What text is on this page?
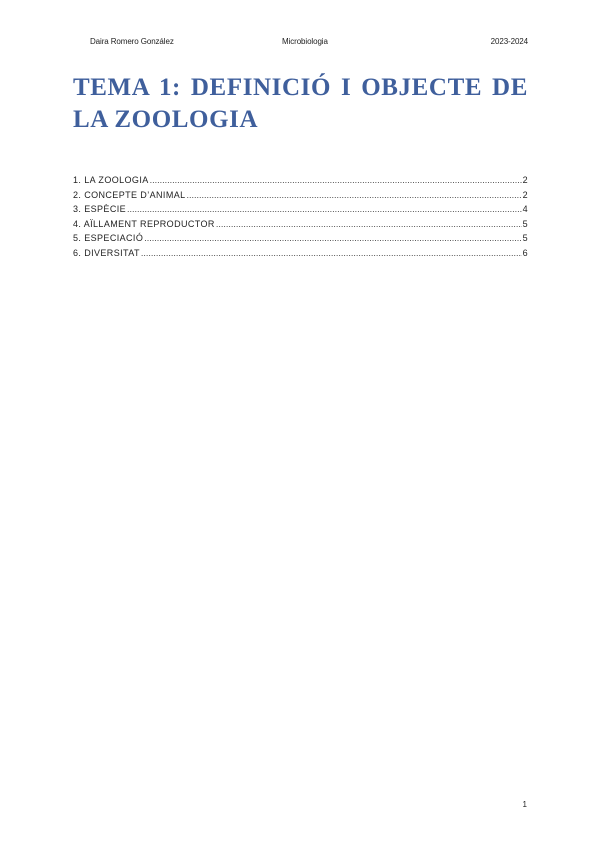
Daira Romero González	Microbiologia	2023-2024
TEMA 1: DEFINICIÓ I OBJECTE DE LA ZOOLOGIA
1. LA ZOOLOGIA .....	2
2. CONCEPTE D’ANIMAL .....	2
3. ESPÈCIE .....	4
4. AÏLLAMENT REPRODUCTOR .....	5
5. ESPECIACIÓ .....	5
6. DIVERSITAT .....	6
1
